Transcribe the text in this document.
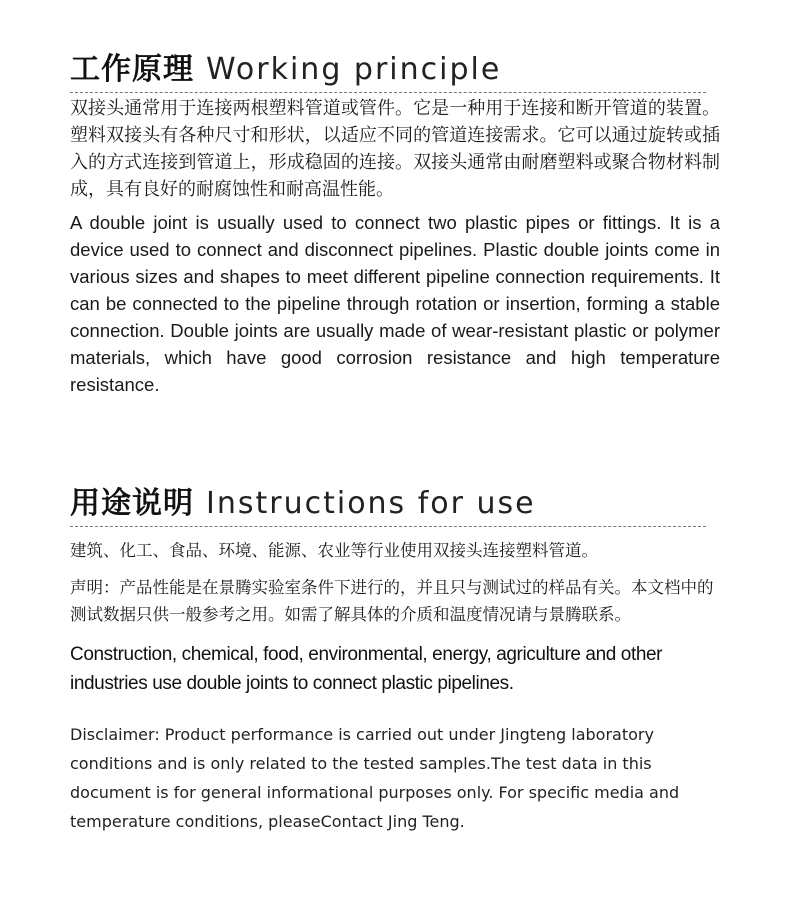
工作原理 Working principle

双接头通常用于连接两根塑料管道或管件。它是一种用于连接和断开管道的装置。塑料双接头有各种尺寸和形状，以适应不同的管道连接需求。它可以通过旋转或插入的方式连接到管道上，形成稳固的连接。双接头通常由耐磨塑料或聚合物材料制成，具有良好的耐腐蚀性和耐高温性能。

A double joint is usually used to connect two plastic pipes or fittings. It is a device used to connect and disconnect pipelines. Plastic double joints come in various sizes and shapes to meet different pipeline connection requirements. It can be connected to the pipeline through rotation or insertion, forming a stable connection. Double joints are usually made of wear-resistant plastic or polymer materials, which have good corrosion resistance and high temperature resistance.

用途说明 Instructions for use

建筑、化工、食品、环境、能源、农业等行业使用双接头连接塑料管道。

声明：产品性能是在景腾实验室条件下进行的，并且只与测试过的样品有关。本文档中的测试数据只供一般参考之用。如需了解具体的介质和温度情况请与景腾联系。

Construction, chemical, food, environmental, energy, agriculture and other industries use double joints to connect plastic pipelines.

Disclaimer: Product performance is carried out under Jingteng laboratory conditions and is only related to the tested samples.The test data in this document is for general informational purposes only. For specific media and temperature conditions, pleaseContact Jing Teng.
